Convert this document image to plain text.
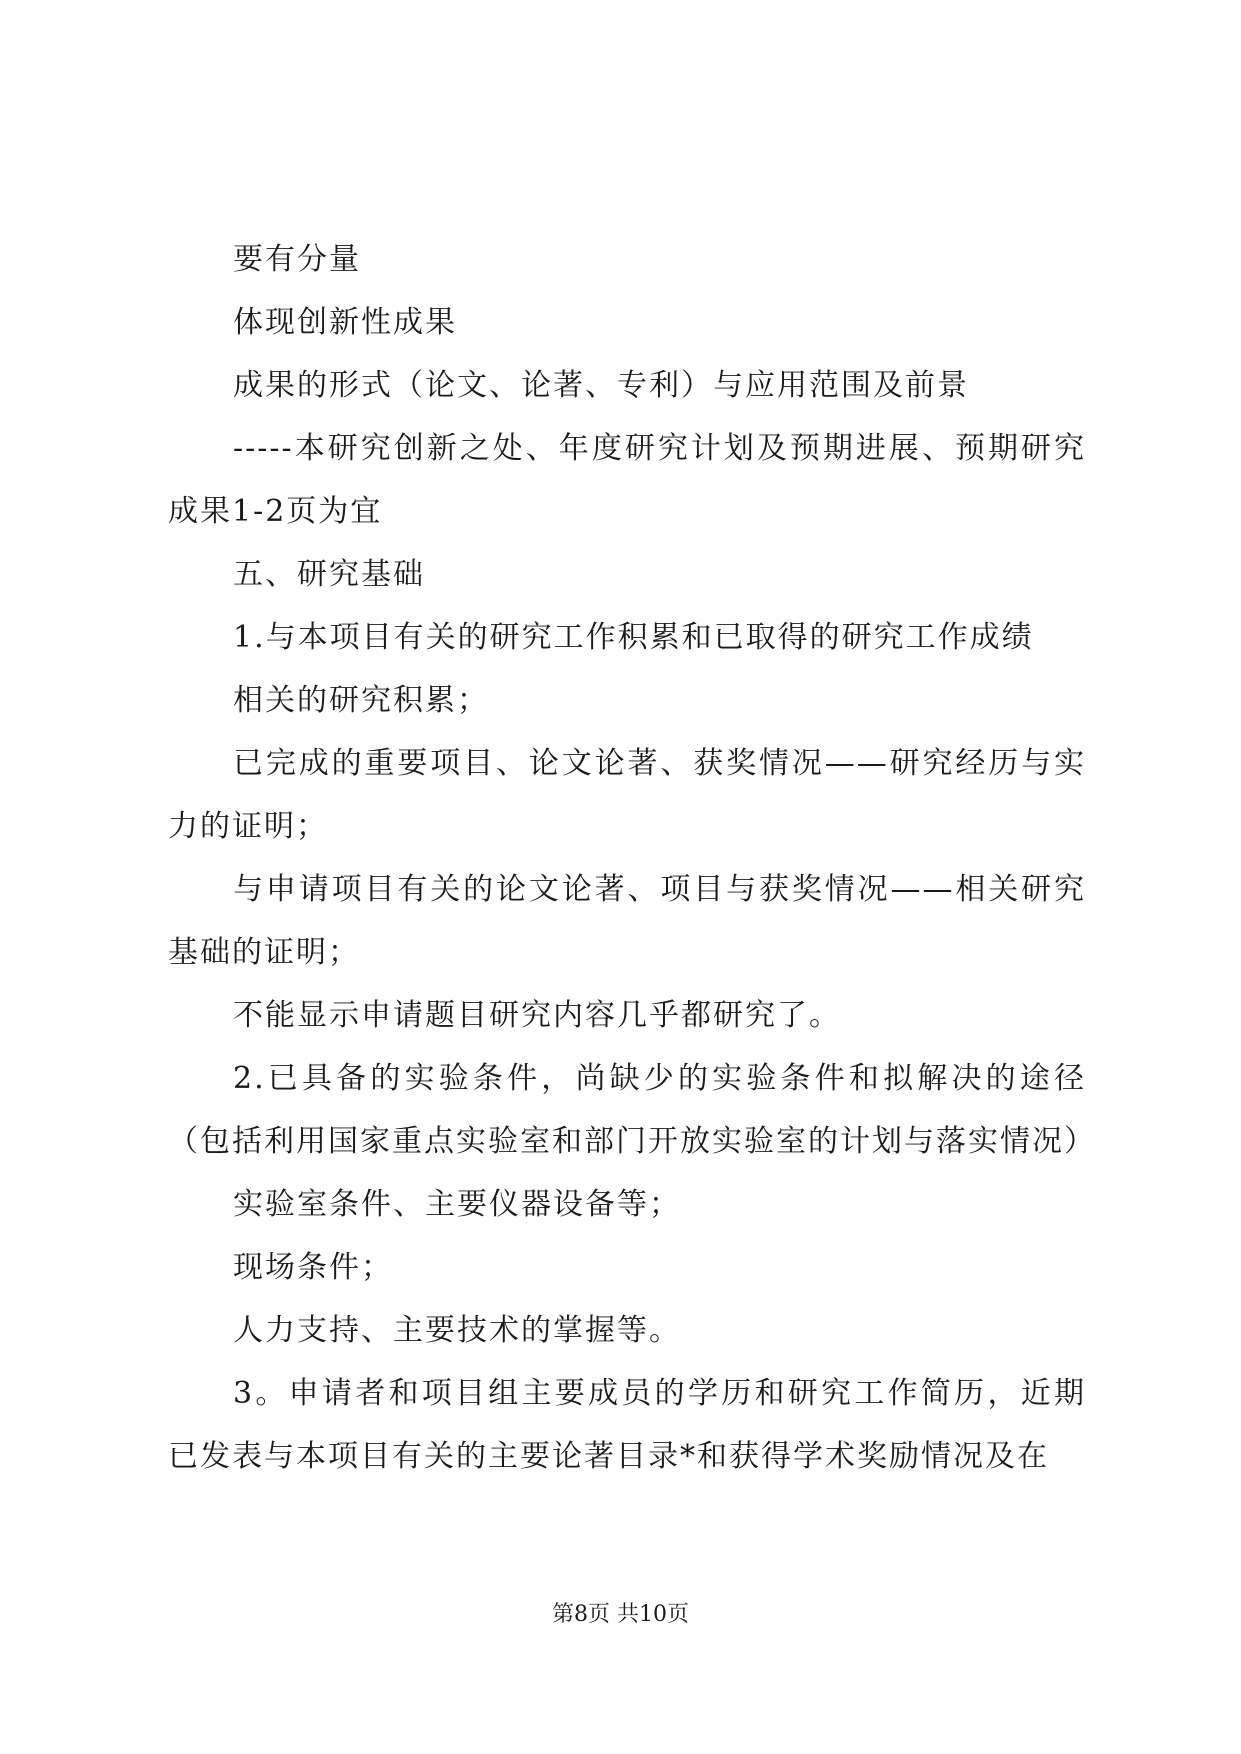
要有分量

体现创新性成果

成果的形式（论文、论著、专利）与应用范围及前景

-----本研究创新之处、年度研究计划及预期进展、预期研究成果1-2页为宜

五、研究基础

1.与本项目有关的研究工作积累和已取得的研究工作成绩

相关的研究积累；

已完成的重要项目、论文论著、获奖情况——研究经历与实力的证明；

与申请项目有关的论文论著、项目与获奖情况——相关研究基础的证明；

不能显示申请题目研究内容几乎都研究了。

2.已具备的实验条件，尚缺少的实验条件和拟解决的途径（包括利用国家重点实验室和部门开放实验室的计划与落实情况）

实验室条件、主要仪器设备等；

现场条件；

人力支持、主要技术的掌握等。

3。申请者和项目组主要成员的学历和研究工作简历，近期已发表与本项目有关的主要论著目录*和获得学术奖励情况及在

第8页 共10页
